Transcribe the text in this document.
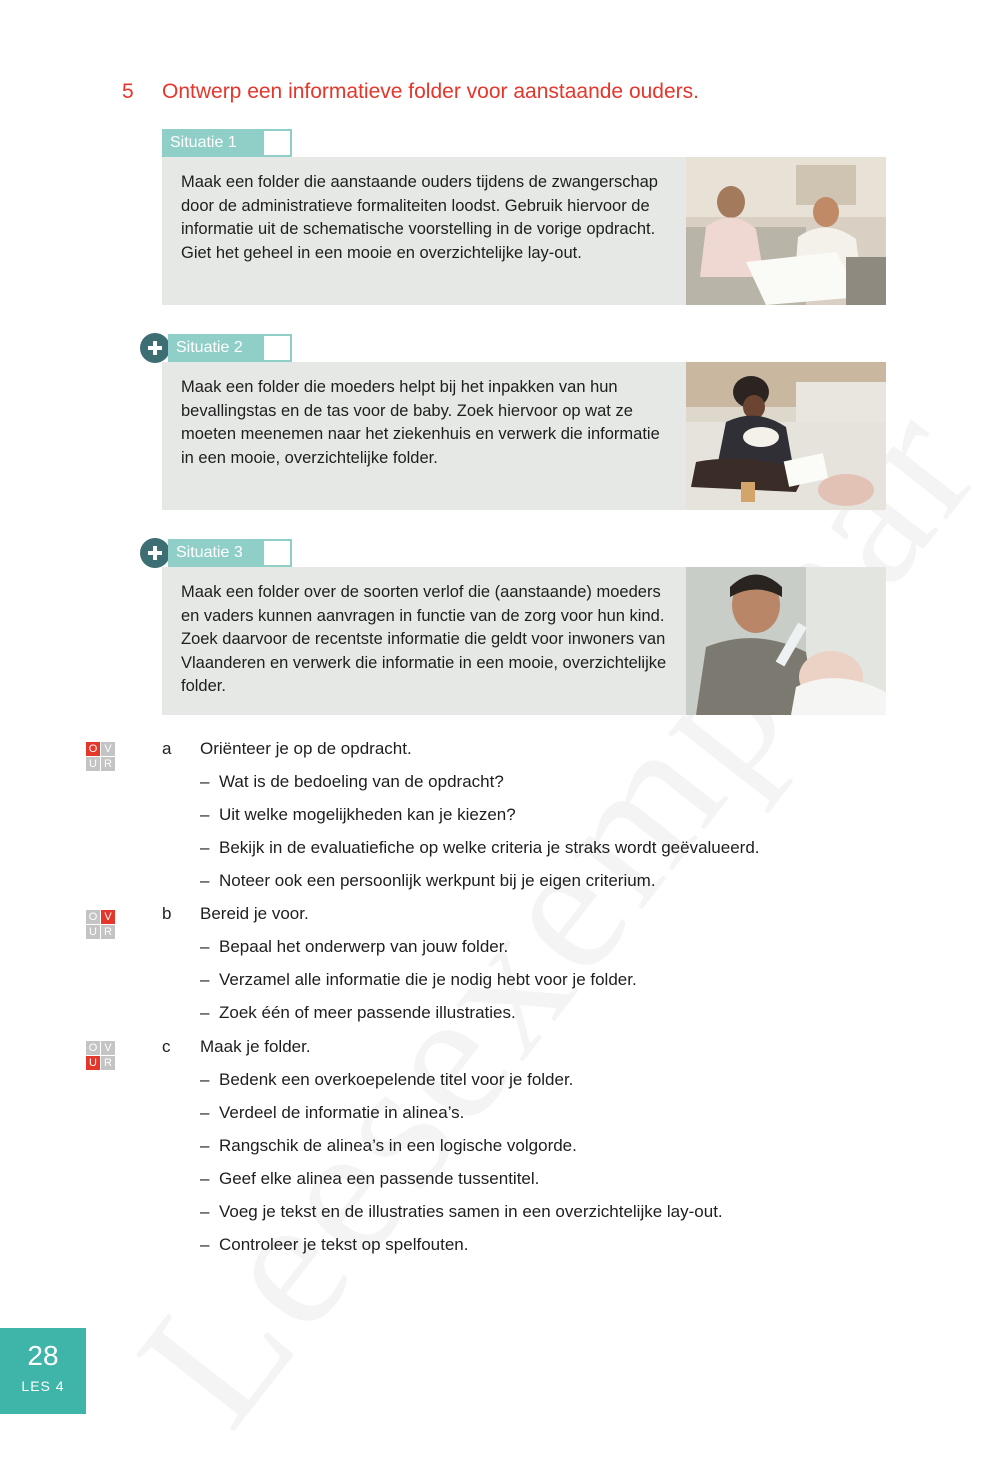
5 Ontwerp een informatieve folder voor aanstaande ouders.
Situatie 1

Maak een folder die aanstaande ouders tijdens de zwangerschap door de administratieve formaliteiten loodst. Gebruik hiervoor de informatie uit de schematische voorstelling in de vorige opdracht. Giet het geheel in een mooie en overzichtelijke lay-out.

Situatie 2

Maak een folder die moeders helpt bij het inpakken van hun bevallingstas en de tas voor de baby. Zoek hiervoor op wat ze moeten meenemen naar het ziekenhuis en verwerk die informatie in een mooie, overzichtelijke folder.

Situatie 3

Maak een folder over de soorten verlof die (aanstaande) moeders en vaders kunnen aanvragen in functie van de zorg voor hun kind. Zoek daarvoor de recentste informatie die geldt voor inwoners van Vlaanderen en verwerk die informatie in een mooie, overzichtelijke folder.

O V
U R
a Oriënteer je op de opdracht.
– Wat is de bedoeling van de opdracht?
– Uit welke mogelijkheden kan je kiezen?
– Bekijk in de evaluatiefiche op welke criteria je straks wordt geëvalueerd.
– Noteer ook een persoonlijk werkpunt bij je eigen criterium.
O V
U R
b Bereid je voor.
– Bepaal het onderwerp van jouw folder.
– Verzamel alle informatie die je nodig hebt voor je folder.
– Zoek één of meer passende illustraties.
O V
U R
c Maak je folder.
– Bedenk een overkoepelende titel voor je folder.
– Verdeel de informatie in alinea’s.
– Rangschik de alinea’s in een logische volgorde.
– Geef elke alinea een passende tussentitel.
– Voeg je tekst en de illustraties samen in een overzichtelijke lay-out.
– Controleer je tekst op spelfouten.
28
LES 4
